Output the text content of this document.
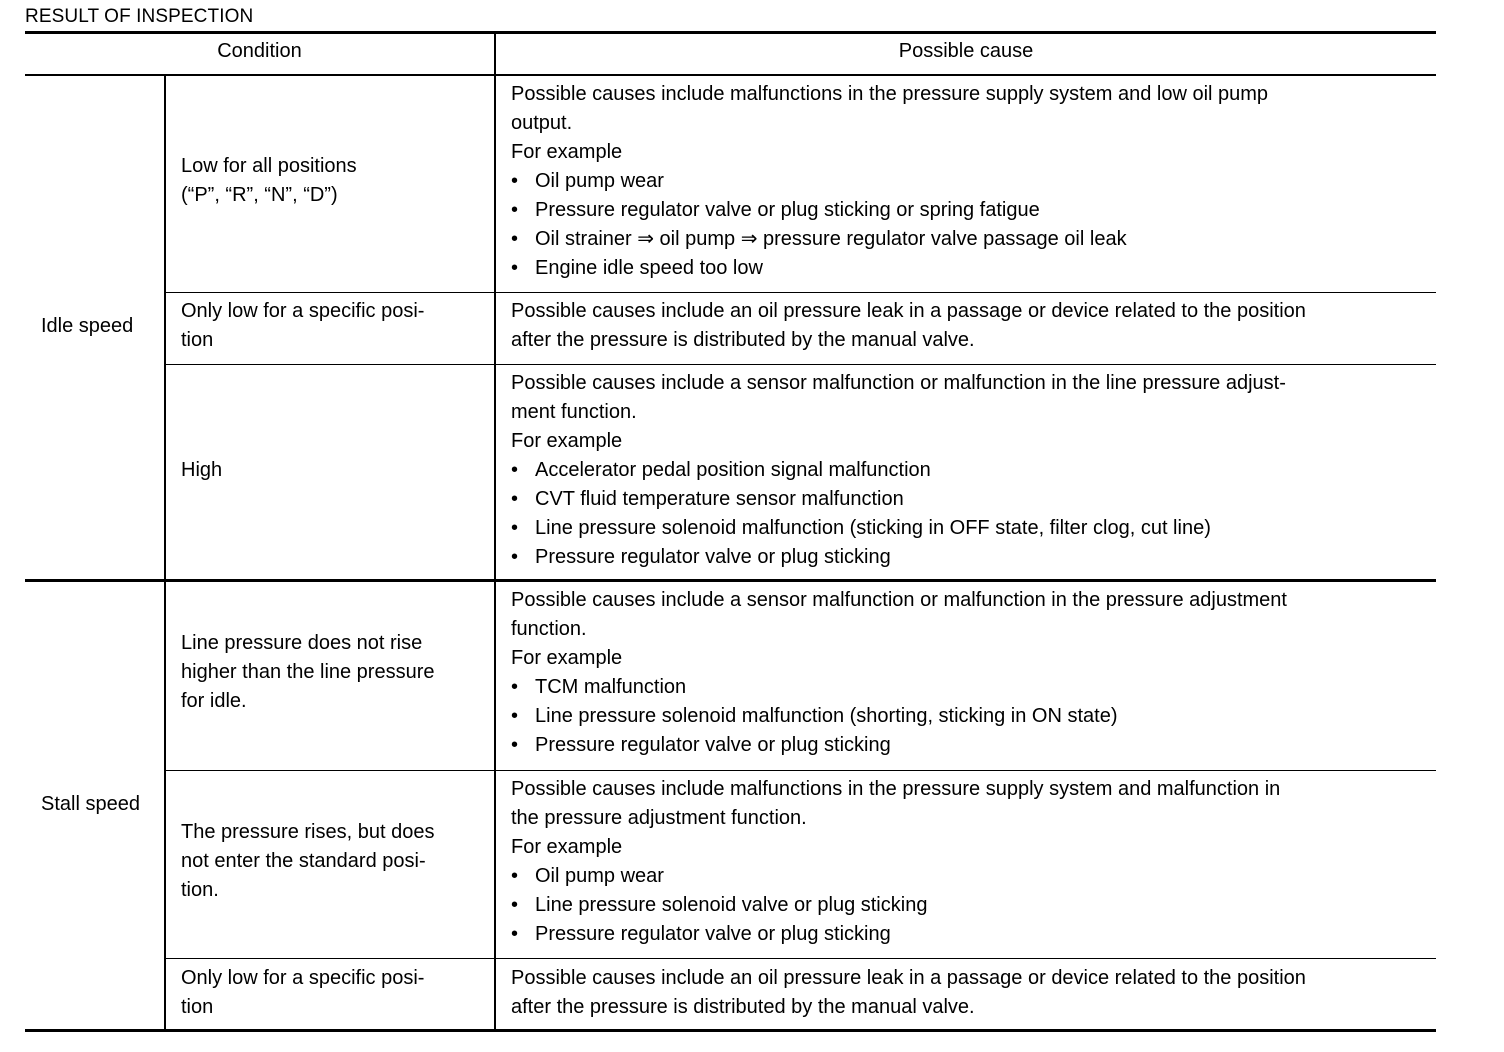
RESULT OF INSPECTION
Condition	Possible cause
Idle speed
Stall speed
Low for all positions
(“P”, “R”, “N”, “D”)
Possible causes include malfunctions in the pressure supply system and low oil pump
output.
For example
• Oil pump wear
• Pressure regulator valve or plug sticking or spring fatigue
• Oil strainer ⇒ oil pump ⇒ pressure regulator valve passage oil leak
• Engine idle speed too low
Only low for a specific posi-
tion
Possible causes include an oil pressure leak in a passage or device related to the position
after the pressure is distributed by the manual valve.
High
Possible causes include a sensor malfunction or malfunction in the line pressure adjust-
ment function.
For example
• Accelerator pedal position signal malfunction
• CVT fluid temperature sensor malfunction
• Line pressure solenoid malfunction (sticking in OFF state, filter clog, cut line)
• Pressure regulator valve or plug sticking
Line pressure does not rise
higher than the line pressure
for idle.
Possible causes include a sensor malfunction or malfunction in the pressure adjustment
function.
For example
• TCM malfunction
• Line pressure solenoid malfunction (shorting, sticking in ON state)
• Pressure regulator valve or plug sticking
The pressure rises, but does
not enter the standard posi-
tion.
Possible causes include malfunctions in the pressure supply system and malfunction in
the pressure adjustment function.
For example
• Oil pump wear
• Line pressure solenoid valve or plug sticking
• Pressure regulator valve or plug sticking
Only low for a specific posi-
tion
Possible causes include an oil pressure leak in a passage or device related to the position
after the pressure is distributed by the manual valve.
